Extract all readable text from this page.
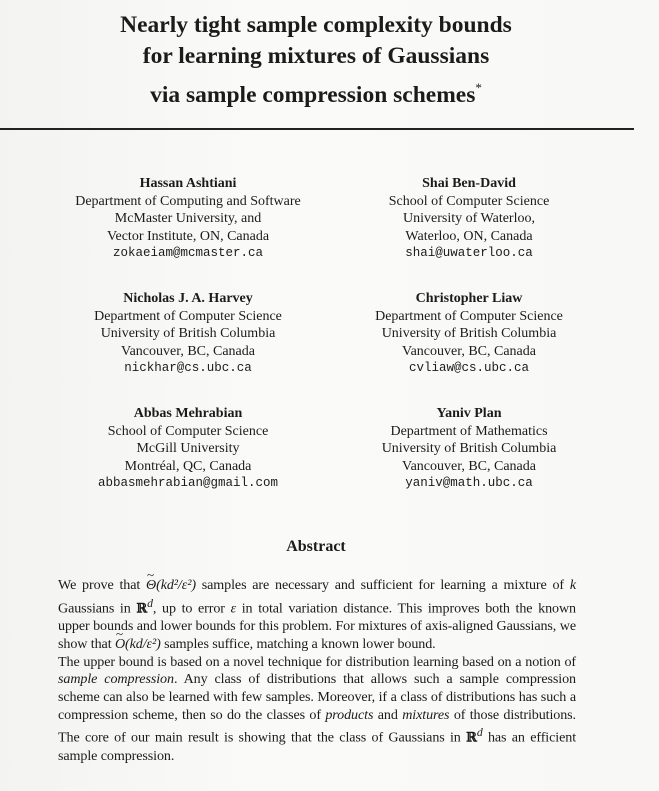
Nearly tight sample complexity bounds
for learning mixtures of Gaussians
via sample compression schemes*
Hassan Ashtiani
Department of Computing and Software
McMaster University, and
Vector Institute, ON, Canada
zokaeiam@mcmaster.ca
Shai Ben-David
School of Computer Science
University of Waterloo,
Waterloo, ON, Canada
shai@uwaterloo.ca
Nicholas J. A. Harvey
Department of Computer Science
University of British Columbia
Vancouver, BC, Canada
nickhar@cs.ubc.ca
Christopher Liaw
Department of Computer Science
University of British Columbia
Vancouver, BC, Canada
cvliaw@cs.ubc.ca
Abbas Mehrabian
School of Computer Science
McGill University
Montréal, QC, Canada
abbasmehrabian@gmail.com
Yaniv Plan
Department of Mathematics
University of British Columbia
Vancouver, BC, Canada
yaniv@math.ubc.ca
Abstract

We prove that ~ Θ(kd²/ε²) samples are necessary and sufficient for learning a mixture of k Gaussians in ℝ$^d$, up to error ε in total variation distance. This improves both the known upper bounds and lower bounds for this problem. For mixtures of axis-aligned Gaussians, we show that ~ O(kd/ε²) samples suffice, matching a known lower bound.

The upper bound is based on a novel technique for distribution learning based on a notion of sample compression. Any class of distributions that allows such a sample compression scheme can also be learned with few samples. Moreover, if a class of distributions has such a compression scheme, then so do the classes of products and mixtures of those distributions. The core of our main result is showing that the class of Gaussians in ℝ$^d$ has an efficient sample compression.
